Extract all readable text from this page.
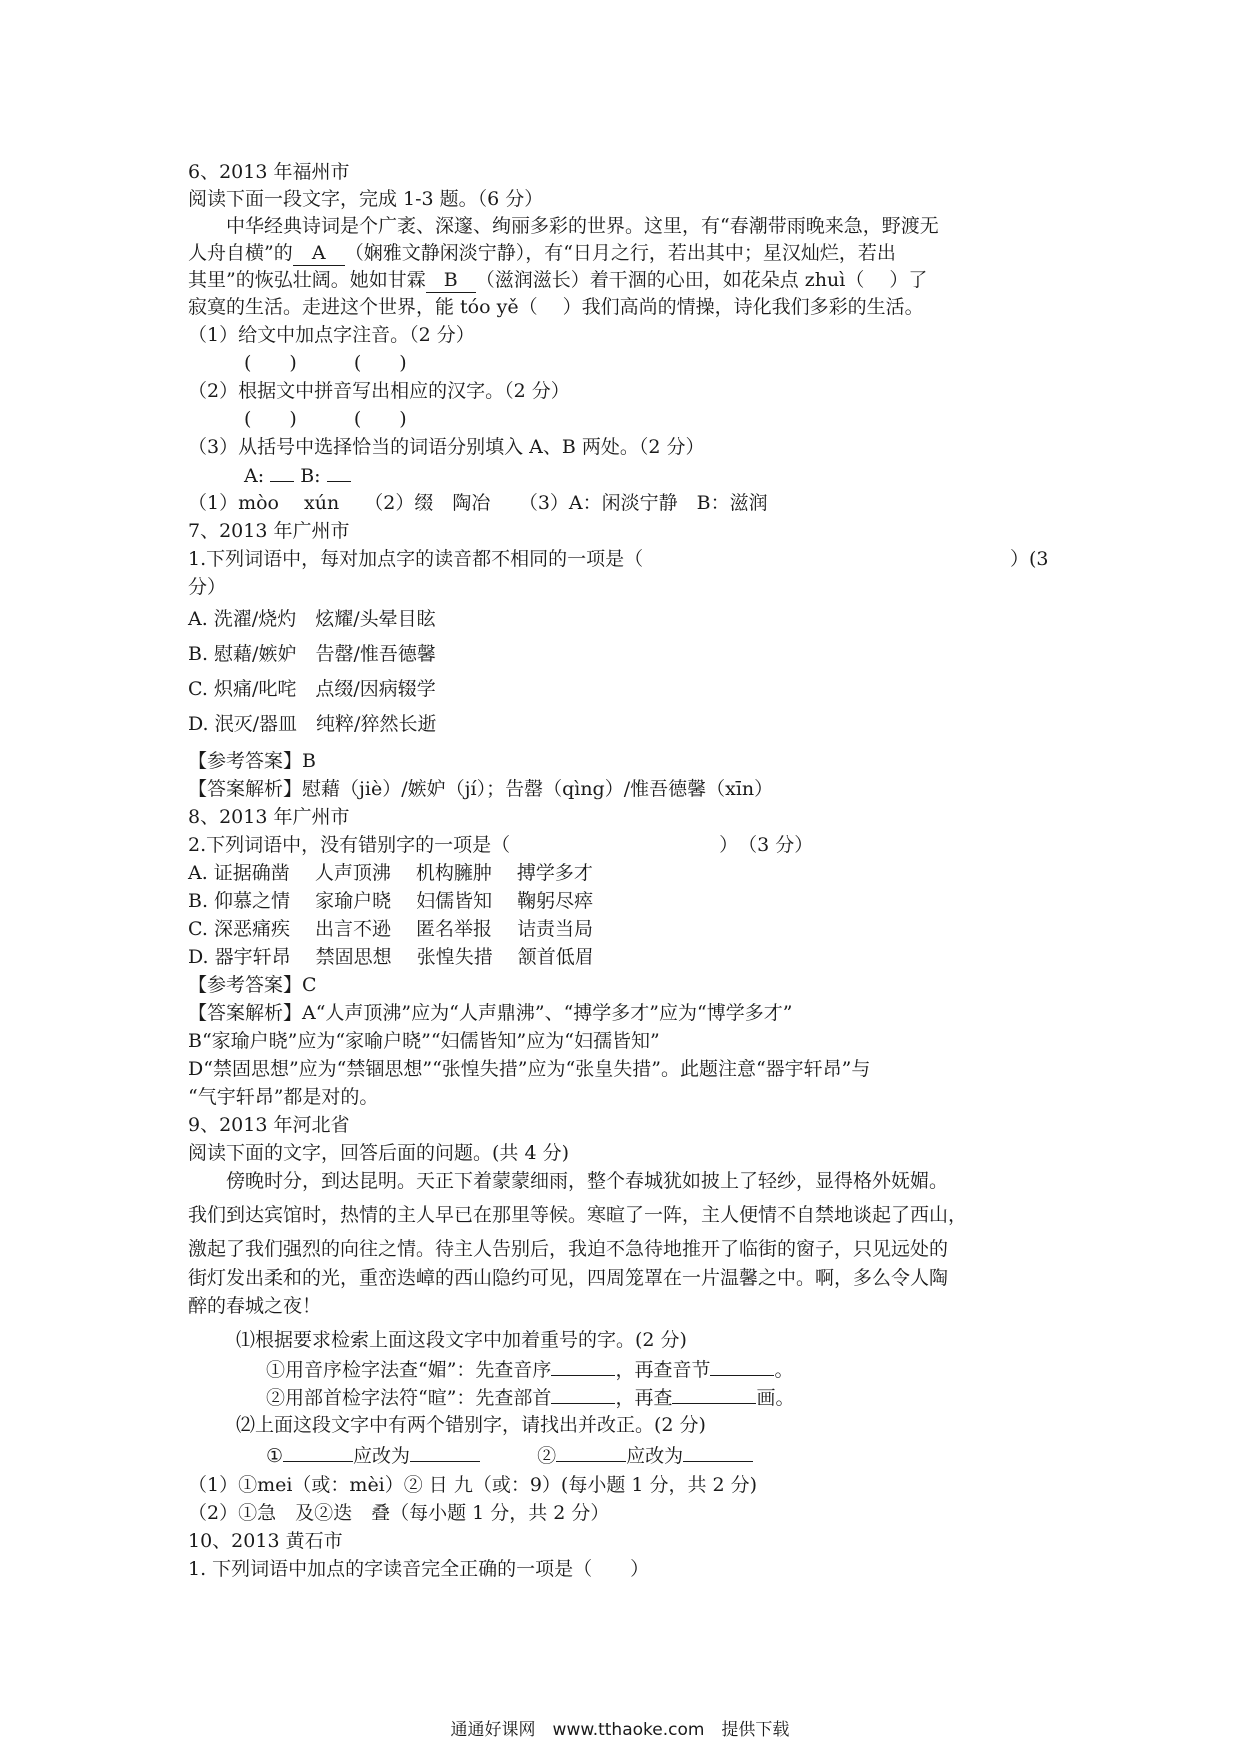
6、2013 年福州市
阅读下面一段文字，完成 1-3 题。（6 分）
中华经典诗词是个广袤、深邃、绚丽多彩的世界。这里，有“春潮带雨晚来急，野渡无
人舟自横”的 A （娴雅文静闲淡宁静），有“日月之行，若出其中；星汉灿烂，若出
其里”的恢弘壮阔。她如甘霖 B （滋润滋长）着干涸的心田，如花朵点 zhuì（　 ）了
寂寞的生活。走进这个世界，能 tóo yě（　 ）我们高尚的情操，诗化我们多彩的生活。
（1）给文中加点字注音。（2 分）
(　　)　　　(　　)
（2）根据文中拼音写出相应的汉字。（2 分）
(　　)　　　(　　)
（3）从括号中选择恰当的词语分别填入 A、B 两处。（2 分）
A: B:
（1）mòo　 xún　 （2）缀　陶冶　　（3）A：闲淡宁静　B：滋润
7、2013 年广州市
1.下列词语中，每对加点字的读音都不相同的一项是（	）(3
分）
A. 洗濯/烧灼　炫耀/头晕目眩
B. 慰藉/嫉妒　告罄/惟吾德馨
C. 炽痛/叱咤　点缀/因病辍学
D. 泯灭/器皿　纯粹/猝然长逝
【参考答案】B
【答案解析】慰藉（jiè）/嫉妒（jí）；告罄（qìng）/惟吾德馨（xīn）
8、2013 年广州市
2.下列词语中，没有错别字的一项是（　　　　　　　　　　　）　（3 分）
A. 证据确凿　 人声顶沸　 机构臃肿　 搏学多才
B. 仰慕之情　 家瑜户晓　 妇儒皆知　 鞠躬尽瘁
C. 深恶痛疾　 出言不逊　 匿名举报　 诘责当局
D. 器宇轩昂　 禁固思想　 张惶失措　 颔首低眉
【参考答案】C
【答案解析】A“人声顶沸”应为“人声鼎沸”、“搏学多才”应为“博学多才”
B“家瑜户晓”应为“家喻户晓”“妇儒皆知”应为“妇孺皆知”
D“禁固思想”应为“禁锢思想”“张惶失措”应为“张皇失措”。此题注意“器宇轩昂”与
“气宇轩昂”都是对的。
9、2013 年河北省
阅读下面的文字，回答后面的问题。(共 4 分)
傍晚时分，到达昆明。天正下着蒙蒙细雨，整个春城犹如披上了轻纱，显得格外妩媚。
我们到达宾馆时，热情的主人早已在那里等候。寒暄了一阵，主人便情不自禁地谈起了西山，
激起了我们强烈的向往之情。待主人告别后，我迫不急待地推开了临街的窗子，只见远处的
街灯发出柔和的光，重峦迭嶂的西山隐约可见，四周笼罩在一片温馨之中。啊，多么令人陶
醉的春城之夜！
⑴根据要求检索上面这段文字中加着重号的字。(2 分)
①用音序检字法查“媚”：先查音序	，再查音节	。
②用部首检字法符“暄”：先查部首	，再查	画。
⑵上面这段文字中有两个错别字，请找出并改正。(2 分)
①	应改为　　　	②	应改为
（1）①mei（或：mèi）② 日 九（或：9）(每小题 1 分，共 2 分)
（2）①急　及②迭　叠（每小题 1 分，共 2 分）
10、2013 黄石市
1. 下列词语中加点的字读音完全正确的一项是（　　）
通通好课网　www.tthaoke.com　提供下载
